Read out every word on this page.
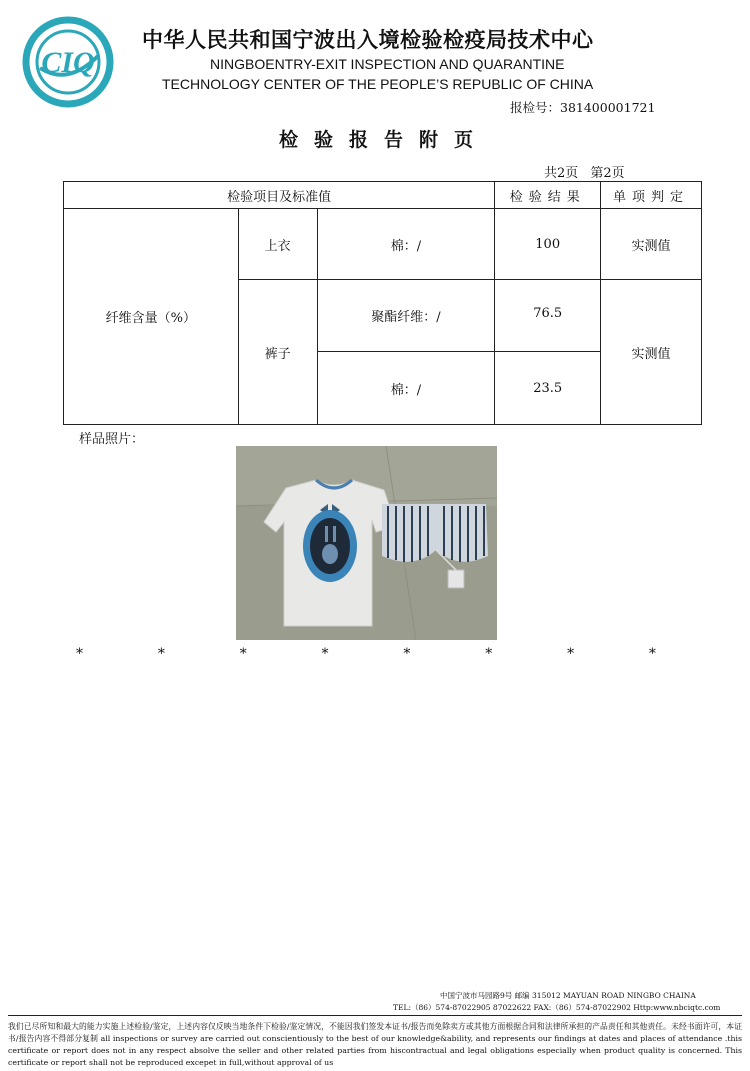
CIQ
中华人民共和国宁波出入境检验检疫局技术中心
NINGBOENTRY-EXIT INSPECTION AND QUARANTINE
TECHNOLOGY CENTER OF THE PEOPLE’S REPUBLIC OF CHINA
报检号：381400001721
检验报告附页
共2页 第2页
检验项目及标准值			检验结果	单项判定
纤维含量（%）	上衣	棉：/	100	实测值
	裤子	聚酯纤维：/	76.5	实测值
		棉：/	23.5	
样品照片：
*	*	*	*	*	*	*	*
中国宁波市马园路9号 邮编 315012 MAYUAN ROAD NINGBO CHAINA
TEL:（86）574-87022905 87022622 FAX:（86）574-87022902 Http:www.nbciqtc.com
我们已尽所知和最大的能力实施上述检验/鉴定，上述内容仅反映当地条件下检验/鉴定情况，不能因我们签发本证书/报告而免除卖方或其他方面根据合同和法律所承担的产品责任和其他责任。未经书面许可，本证书/报告内容不得部分复制 all inspections or survey are carried out conscientiously to the best of our knowledge&ability, and represents our findings at dates and places of attendance .this certificate or report does not in any respect absolve the seller and other related parties from hiscontractual and legal obligations especially when product quality is concerned. This certificate or report shall not be reproduced excepet in full,without approval of us
